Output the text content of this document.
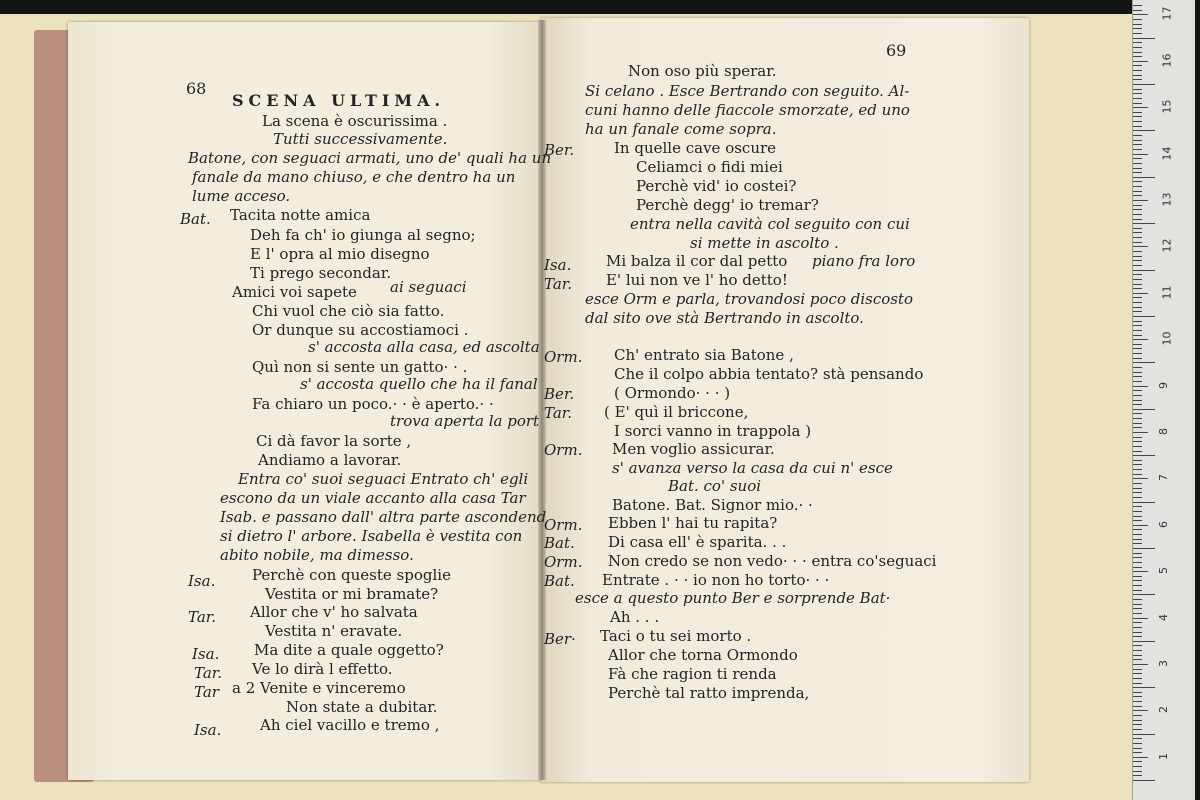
68
SCENA ULTIMA.
69
La scena è oscurissima .
Tutti successivamente.
Batone, con seguaci armati, uno de' quali ha un
fanale da mano chiuso, e che dentro ha un
lume acceso.
Bat. Tacita notte amica
Deh fa ch' io giunga al segno;
E l' opra al mio disegno
Ti prego secondar.
Amici voi sapete ai seguaci
Chi vuol che ciò sia fatto.
Or dunque su accostiamoci .
s' accosta alla casa, ed ascolta
Quì non si sente un gatto· · .
s' accosta quello che ha il fanal
Fa chiaro un poco.· · è aperto.· ·
trova aperta la port
Ci dà favor la sorte ,
Andiamo a lavorar.
Entra co' suoi seguaci Entrato ch' egli
escono da un viale accanto alla casa Tar
Isab. e passano dall' altra parte ascondend
si dietro l' arbore. Isabella è vestita con
abito nobile, ma dimesso.
Isa. Perchè con queste spoglie
Vestita or mi bramate?
Tar. Allor che v' ho salvata
Vestita n' eravate.
Isa. Ma dite a quale oggetto?
Tar. Ve lo dirà l effetto.
Tar a 2 Venite e vinceremo
Non state a dubitar.
Isa.	Ah ciel vacillo e tremo ,
Non oso più sperar.
Si celano . Esce Bertrando con seguito. Al-
cuni hanno delle fiaccole smorzate, ed uno
ha un fanale come sopra.
Ber.	In quelle cave oscure
Celiamci o fidi miei
Perchè vid' io costei?
Perchè degg' io tremar?
entra nella cavità col seguito con cui
si mette in ascolto .
Isa. Mi balza il cor dal petto piano fra loro
Tar. E' lui non ve l' ho detto!
esce Orm e parla, trovandosi poco discosto
dal sito ove stà Bertrando in ascolto.
Orm. Ch' entrato sia Batone ,
Che il colpo abbia tentato? stà pensando
Ber.	( Ormondo· · · )
Tar. ( E' quì il briccone,
I sorci vanno in trappola )
Orm. Men voglio assicurar.
s' avanza verso la casa da cui n' esce
Bat. co' suoi
Batone. Bat. Signor mio.· ·
Orm. Ebben l' hai tu rapita?
Bat. Di casa ell' è sparita. . .
Orm. Non credo se non vedo· · · entra co'seguaci
Bat. Entrate . · · io non ho torto· · ·
esce a questo punto Ber e sorprende Bat·
Ah . . .
Ber· Taci o tu sei morto .
Allor che torna Ormondo
Fà che ragion ti renda
Perchè tal ratto imprenda,
1
2
3
4
5
6
7
8
9
10
11
12
13
14
15
16
17
